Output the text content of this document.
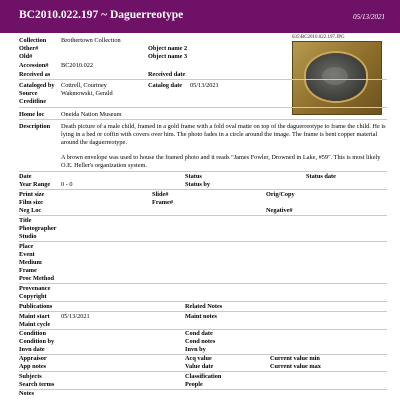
BC2010.022.197 ~ Daguerreotype	05/13/2021
035\BC2010.022.197.JPG
Collection Brothertown Collection
Other#	Object name 2
Old#	Object name 3
Accession# BC2010.022
Received as	Received date
Cataloged by Cottrell, Courtney	Catalog date 05/13/2021
Source	Wakmowski, Gerald
Creditline
Home loc	Oneida Nation Museum
Description Death picture of a male child, framed in a gold frame with a fold oval matte on top of the daguerreotype to frame the child. He is lying in a bed or coffin with covers over him. The photo fades in a circle around the image. The frame is bent copper material around the daguerreotype.
A brown envelope was used to house the framed photo and it reads "James Fowler, Drowned in Lake, #59". This is most likely O.E. Heller's organization system.
Date	Status	Status date
Year Range 0 - 0	Status by
Print size	Slide#	Orig/Copy
Film size	Frame#
Neg Loc	Negative#
Title
Photographer
Studio
Place
Event
Medium
Frame
Proc Method
Provenance
Copyright
Publications	Related Notes
Maint start 05/13/2021	Maint notes
Maint cycle
Condition	Cond date
Condition by	Cond notes
Invn date	Invn by
Appraisor	Acq value	Current value min
App notes	Value date	Current value max
Subjects	Classification
Search terms	People
Notes
